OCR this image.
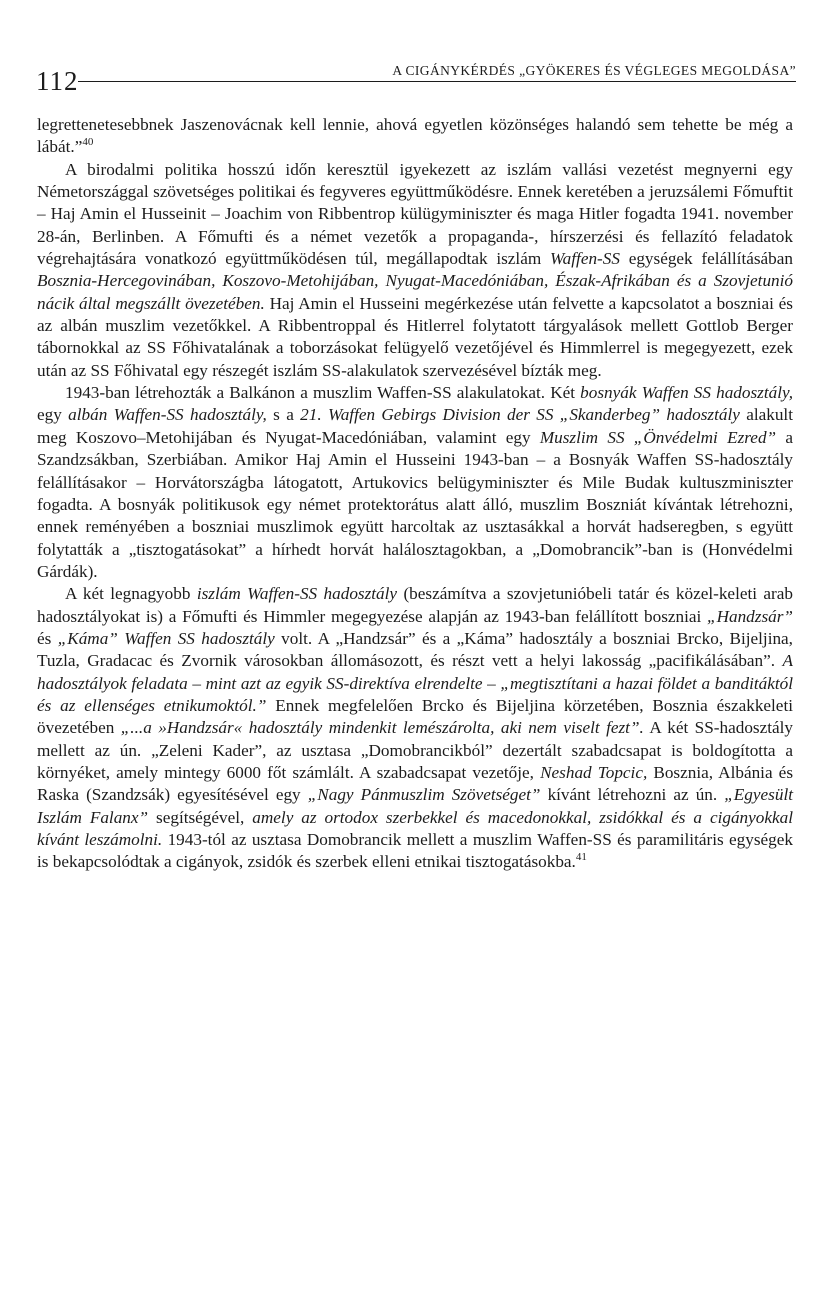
112	A CIGÁNYKÉRDÉS „GYÖKERES ÉS VÉGLEGES MEGOLDÁSA”

legrettenetesebbnek Jaszenovácnak kell lennie, ahová egyetlen közönséges halandó sem tehette be még a lábát.”$^{40}$

A birodalmi politika hosszú időn keresztül igyekezett az iszlám vallási vezetést megnyerni egy Németországgal szövetséges politikai és fegyveres együttműködésre. Ennek keretében a jeruzsálemi Főmuftit – Haj Amin el Husseinit – Joachim von Ribbentrop külügyminiszter és maga Hitler fogadta 1941. november 28-án, Berlinben. A Főmufti és a német vezetők a propaganda-, hírszerzési és fellazító feladatok végrehajtására vonatkozó együttműködésen túl, megállapodtak iszlám Waffen-SS egységek felállításában Bosznia-Hercegovinában, Koszovo-Metohijában, Nyugat-Macedóniában, Észak-Afrikában és a Szovjetunió nácik által megszállt övezetében. Haj Amin el Husseini megérkezése után felvette a kapcsolatot a boszniai és az albán muszlim vezetőkkel. A Ribbentroppal és Hitlerrel folytatott tárgyalások mellett Gottlob Berger tábornokkal az SS Főhivatalának a toborzásokat felügyelő vezetőjével és Himmlerrel is megegyezett, ezek után az SS Főhivatal egy részegét iszlám SS-alakulatok szervezésével bízták meg.

1943-ban létrehozták a Balkánon a muszlim Waffen-SS alakulatokat. Két bosnyák Waffen SS hadosztály, egy albán Waffen-SS hadosztály, s a 21. Waffen Gebirgs Division der SS „Skanderbeg” hadosztály alakult meg Koszovo–Metohijában és Nyugat-Macedóniában, valamint egy Muszlim SS „Önvédelmi Ezred” a Szandzsákban, Szerbiában. Amikor Haj Amin el Husseini 1943-ban – a Bosnyák Waffen SS-hadosztály felállításakor – Horvátországba látogatott, Artukovics belügyminiszter és Mile Budak kultuszminiszter fogadta. A bosnyák politikusok egy német protektorátus alatt álló, muszlim Boszniát kívántak létrehozni, ennek reményében a boszniai muszlimok együtt harcoltak az usztasákkal a horvát hadseregben, s együtt folytatták a „tisztogatásokat” a hírhedt horvát halálosztagokban, a „Domobrancik”-ban is (Honvédelmi Gárdák).

A két legnagyobb iszlám Waffen-SS hadosztály (beszámítva a szovjetunióbeli tatár és közel-keleti arab hadosztályokat is) a Főmufti és Himmler megegyezése alapján az 1943-ban felállított boszniai „Handzsár” és „Káma” Waffen SS hadosztály volt. A „Handzsár” és a „Káma” hadosztály a boszniai Brcko, Bijeljina, Tuzla, Gradacac és Zvornik városokban állomásozott, és részt vett a helyi lakosság „pacifikálásában”. A hadosztályok feladata – mint azt az egyik SS-direktíva elrendelte – „megtisztítani a hazai földet a banditáktól és az ellenséges etnikumoktól.” Ennek megfelelően Brcko és Bijeljina körzetében, Bosznia északkeleti övezetében „...a »Handzsár« hadosztály mindenkit lemészárolta, aki nem viselt fezt”. A két SS-hadosztály mellett az ún. „Zeleni Kader”, az usztasa „Domobrancikból” dezertált szabadcsapat is boldogította a környéket, amely mintegy 6000 főt számlált. A szabadcsapat vezetője, Neshad Topcic, Bosznia, Albánia és Raska (Szandzsák) egyesítésével egy „Nagy Pánmuszlim Szövetséget” kívánt létrehozni az ún. „Egyesült Iszlám Falanx” segítségével, amely az ortodox szerbekkel és macedonokkal, zsidókkal és a cigányokkal kívánt leszámolni. 1943-tól az usztasa Domobrancik mellett a muszlim Waffen-SS és paramilitáris egységek is bekapcsolódtak a cigányok, zsidók és szerbek elleni etnikai tisztogatásokba.$^{41}$
